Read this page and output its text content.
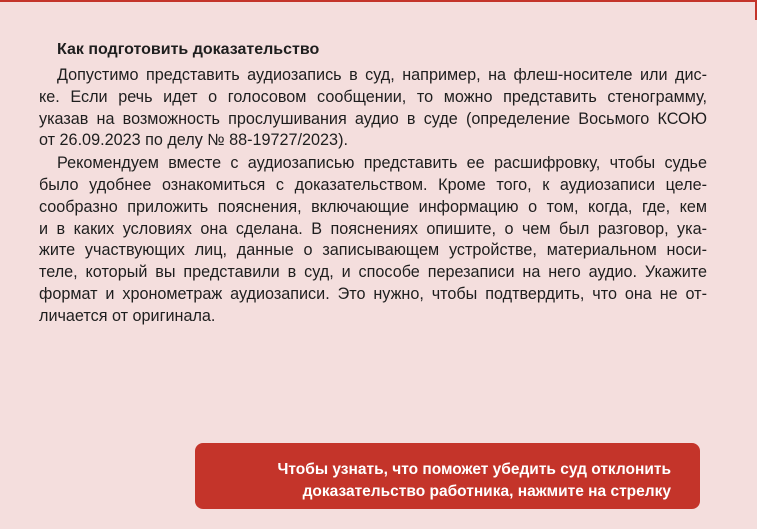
Как подготовить доказательство
Допустимо представить аудиозапись в суд, например, на флеш-носителе или дис-
ке. Если речь идет о голосовом сообщении, то можно представить стенограмму,
указав на возможность прослушивания аудио в суде (определение Восьмого КСОЮ
от 26.09.2023 по делу № 88-19727/2023).
Рекомендуем вместе с аудиозаписью представить ее расшифровку, чтобы судье
было удобнее ознакомиться с доказательством. Кроме того, к аудиозаписи целе-
сообразно приложить пояснения, включающие информацию о том, когда, где, кем
и в каких условиях она сделана. В пояснениях опишите, о чем был разговор, ука-
жите участвующих лиц, данные о записывающем устройстве, материальном носи-
теле, который вы представили в суд, и способе перезаписи на него аудио. Укажите
формат и хронометраж аудиозаписи. Это нужно, чтобы подтвердить, что она не от-
личается от оригинала.
Чтобы узнать, что поможет убедить суд отклонить
доказательство работника, нажмите на стрелку
